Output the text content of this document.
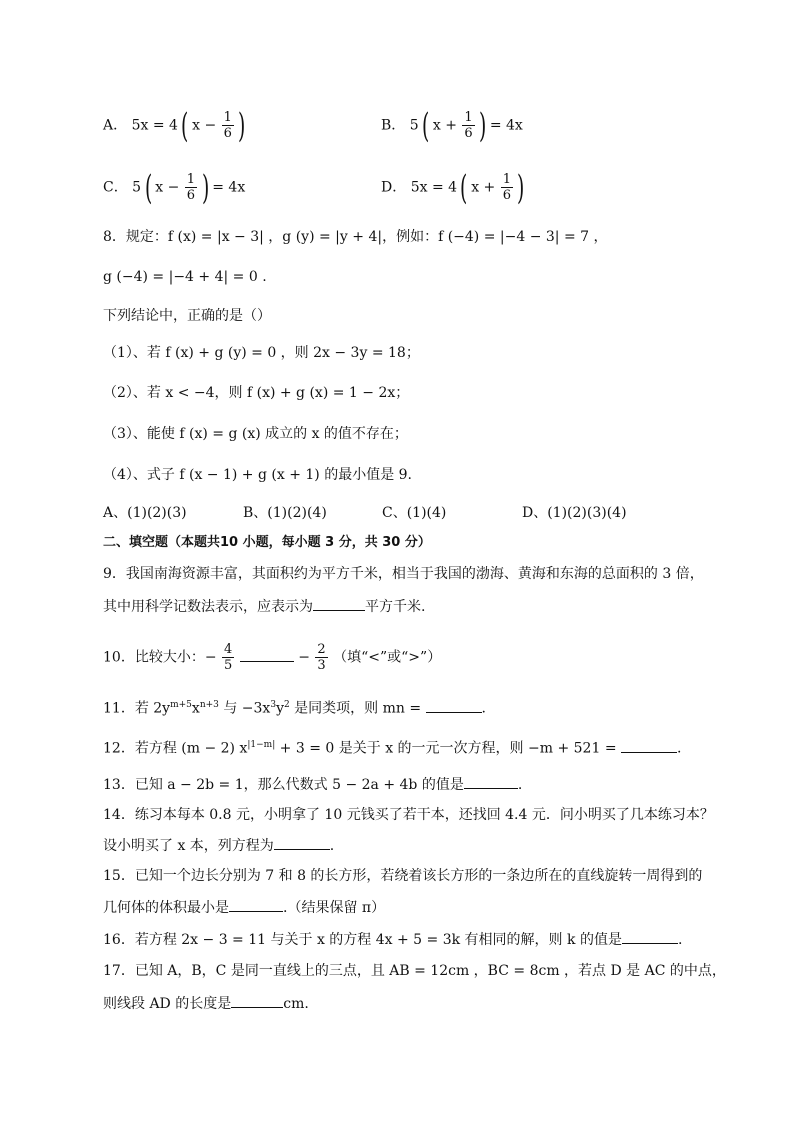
A． 5x = 4 ( $x - \frac{1}{6}$ )	B． 5 ( $x + \frac{1}{6}$ ) = 4x
C． 5 ( $x - \frac{1}{6}$ ) = 4x	D． 5x = 4 ( $x + \frac{1}{6}$ )
8．规定：f (x) = |x − 3| ，g (y) = |y + 4|，例如：f (−4) = |−4 − 3| = 7 ，
g (−4) = |−4 + 4| = 0 .
下列结论中，正确的是（）
（1）、若 f (x) + g (y) = 0 ，则 2x − 3y = 18；
（2）、若 x < −4，则 f (x) + g (x) = 1 − 2x；
（3）、能使 f (x) = g (x) 成立的 x 的值不存在；
（4）、式子 f (x − 1) + g (x + 1) 的最小值是 9.
A、(1)(2)(3)	B、(1)(2)(4)	C、(1)(4)	D、(1)(2)(3)(4)
二、填空题（本题共10 小题，每小题 3 分，共 30 分）
9．我国南海资源丰富，其面积约为平方千米，相当于我国的渤海、黄海和东海的总面积的 3 倍，
其中用科学记数法表示，应表示为	平方千米.
10．比较大小：− $\frac{4}{5}$	− $\frac{2}{3}$ （填“<”或“>”）
11．若 $2y^{m+5}x^{n+3}$ 与 $-3x^3y^2$ 是同类项，则 mn =	.
12．若方程 (m − 2) $x^{|1-m|} + 3 = 0$ 是关于 x 的一元一次方程，则 −m + 521 =	.
13．已知 a − 2b = 1，那么代数式 5 − 2a + 4b 的值是	.
14．练习本每本 0.8 元，小明拿了 10 元钱买了若干本，还找回 4.4 元．问小明买了几本练习本？
设小明买了 x 本，列方程为	.
15．已知一个边长分别为 7 和 8 的长方形，若绕着该长方形的一条边所在的直线旋转一周得到的
几何体的体积最小是	.（结果保留 π）
16．若方程 2x − 3 = 11 与关于 x 的方程 4x + 5 = 3k 有相同的解，则 k 的值是	.
17．已知 A，B，C 是同一直线上的三点，且 AB = 12cm ，BC = 8cm ，若点 D 是 AC 的中点，
则线段 AD 的长度是	cm.
